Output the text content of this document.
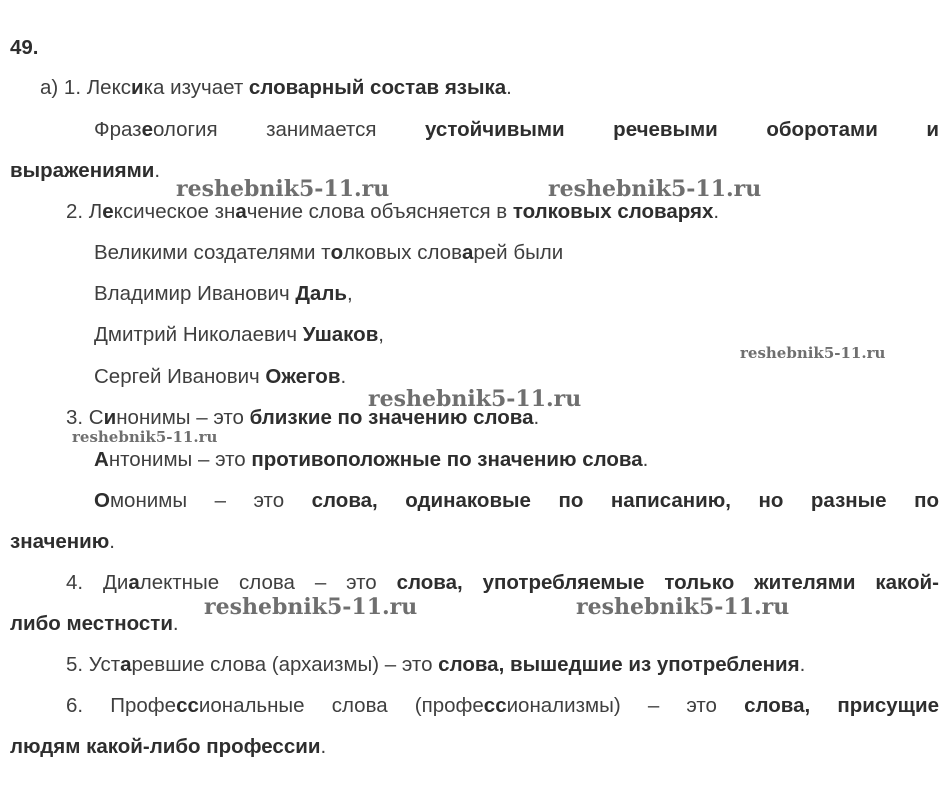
49.
a) 1. Лексика изучает словарный состав языка.
Фразеология занимается устойчивыми речевыми оборотами и
выражениями.
2. Лексическое значение слова объясняется в толковых словарях.
Великими создателями толковых словарей были
Владимир Иванович Даль,
Дмитрий Николаевич Ушаков,
Сергей Иванович Ожегов.
3. Синонимы – это близкие по значению слова.
Антонимы – это противоположные по значению слова.
Омонимы – это слова, одинаковые по написанию, но разные по
значению.
4. Диалектные слова – это слова, употребляемые только жителями какой-
либо местности.
5. Устаревшие слова (архаизмы) – это слова, вышедшие из употребления.
6. Профессиональные слова (профессионализмы) – это слова, присущие
людям какой-либо профессии.
reshebnik5-11.ru	reshebnik5-11.ru
reshebnik5-11.ru
reshebnik5-11.ru
reshebnik5-11.ru
reshebnik5-11.ru	reshebnik5-11.ru
